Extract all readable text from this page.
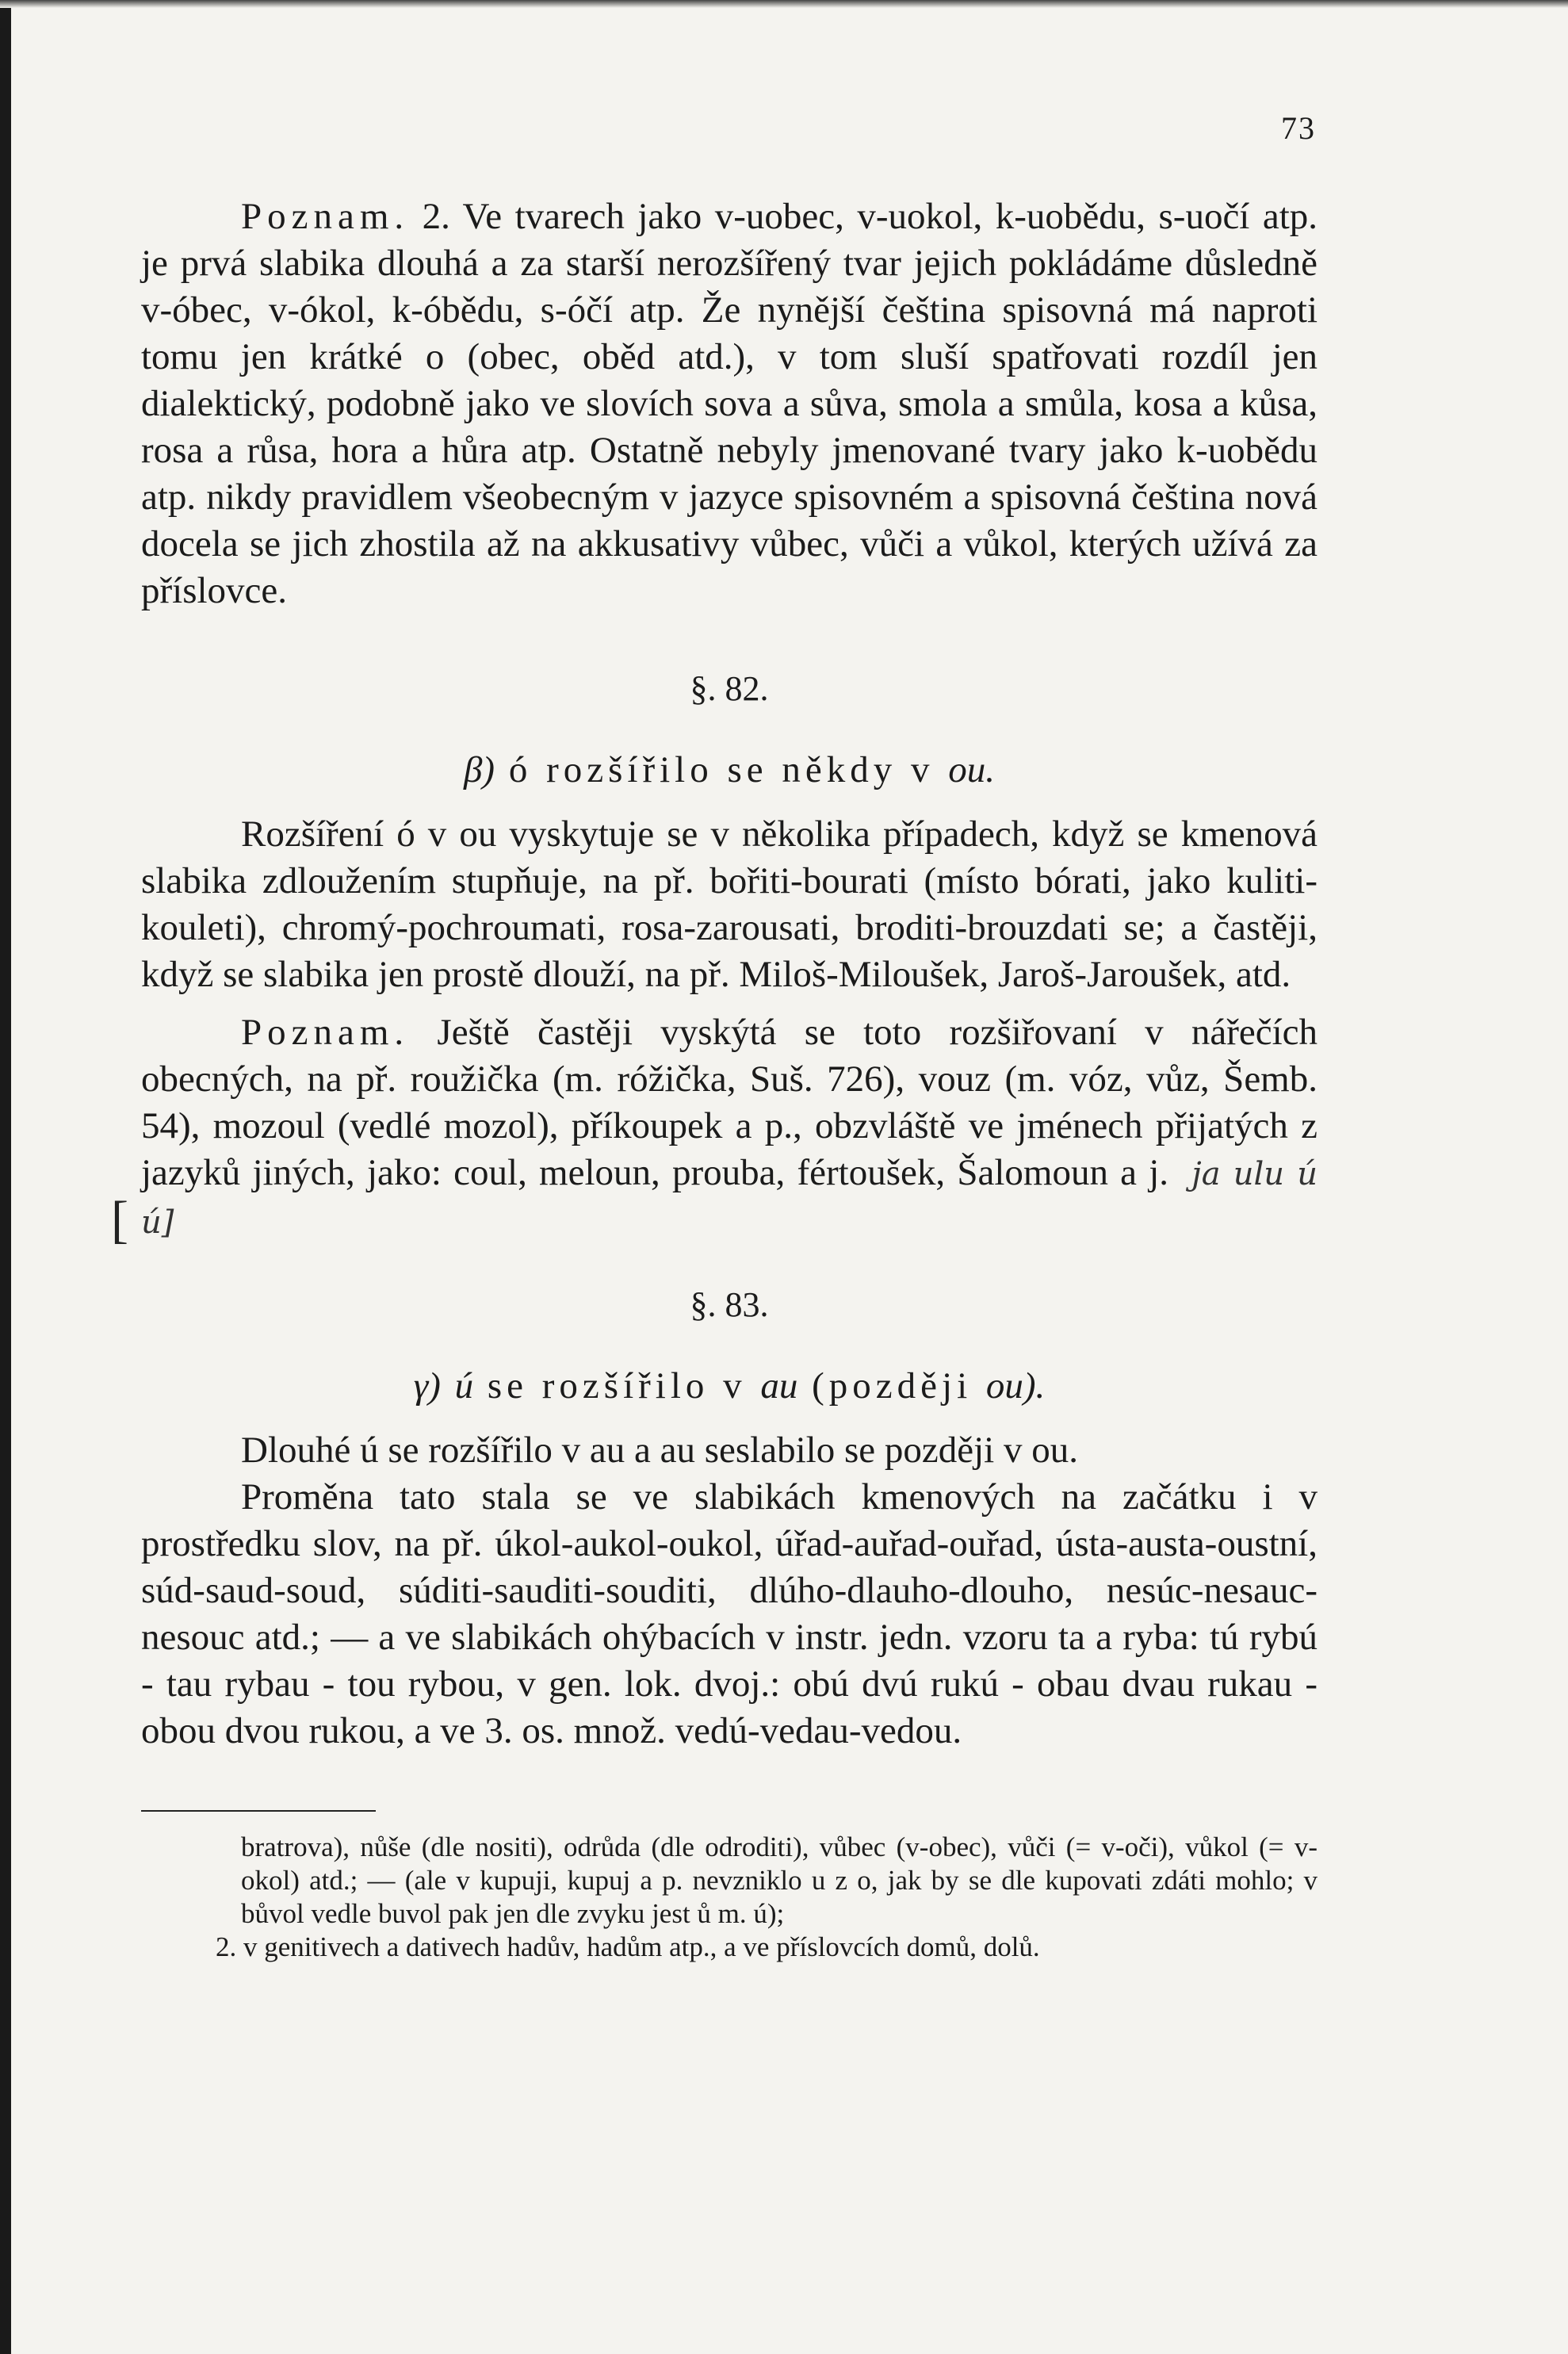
73

Poznam. 2. Ve tvarech jako v-uobec, v-uokol, k-uobědu, s-uočí atp. je prvá slabika dlouhá a za starší nerozšířený tvar jejich pokládáme důsledně v-óbec, v-ókol, k-óbědu, s-óčí atp. Že nynější čeština spisovná má naproti tomu jen krátké o (obec, oběd atd.), v tom sluší spatřovati rozdíl jen dialektický, podobně jako ve slovích sova a sůva, smola a smůla, kosa a kůsa, rosa a růsa, hora a hůra atp. Ostatně nebyly jmenované tvary jako k-uobědu atp. nikdy pravidlem všeobecným v jazyce spisovném a spisovná čeština nová docela se jich zhostila až na akkusativy vůbec, vůči a vůkol, kterých užívá za příslovce.

§. 82.

β) ó rozšířilo se někdy v ou.

Rozšíření ó v ou vyskytuje se v několika případech, když se kmenová slabika zdloužením stupňuje, na př. bořiti-bourati (místo bórati, jako kuliti-kouleti), chromý-pochroumati, rosa-zarousati, broditi-brouzdati se; a častěji, když se slabika jen prostě dlouží, na př. Miloš-Miloušek, Jaroš-Jaroušek, atd.

[

Poznam. Ještě častěji vyskýtá se toto rozšiřovaní v nářečích obecných, na př. roužička (m. róžička, Suš. 726), vouz (m. vóz, vůz, Šemb. 54), mozoul (vedlé mozol), příkoupek a p., obzvláště ve jménech přijatých z jazyků jiných, jako: coul, meloun, prouba, fértoušek, Šalomoun a j. ja ulu ú ú]

§. 83.

γ) ú se rozšířilo v au (později ou).

Dlouhé ú se rozšířilo v au a au seslabilo se později v ou.

Proměna tato stala se ve slabikách kmenových na začátku i v prostředku slov, na př. úkol-aukol-oukol, úřad-auřad-ouřad, ústa-austa-oustní, súd-saud-soud, súditi-sauditi-souditi, dlúho-dlauho-dlouho, nesúc-nesauc-nesouc atd.; — a ve slabikách ohýbacích v instr. jedn. vzoru ta a ryba: tú rybú - tau rybau - tou rybou, v gen. lok. dvoj.: obú dvú rukú - obau dvau rukau - obou dvou rukou, a ve 3. os. množ. vedú-vedau-vedou.

bratrova), nůše (dle nositi), odrůda (dle odroditi), vůbec (v-obec), vůči (= v-oči), vůkol (= v-okol) atd.; — (ale v kupuji, kupuj a p. nevzniklo u z o, jak by se dle kupovati zdáti mohlo; v bůvol vedle buvol pak jen dle zvyku jest ů m. ú);

2. v genitivech a dativech hadův, hadům atp., a ve příslovcích domů, dolů.
